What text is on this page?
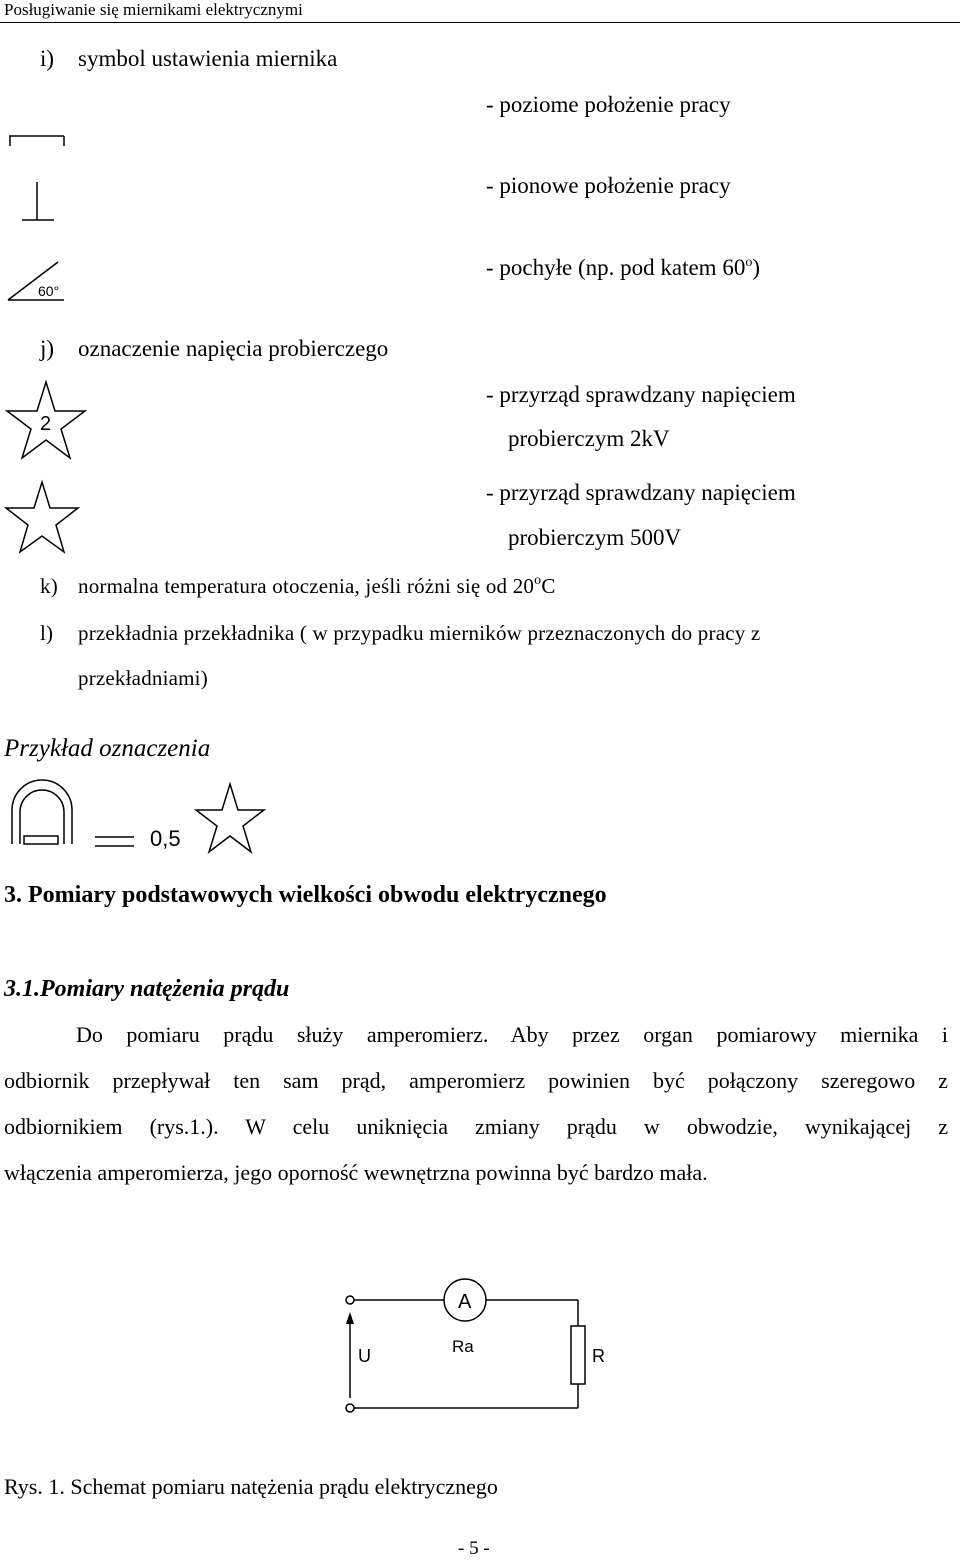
Posługiwanie się miernikami elektrycznymi
i) symbol ustawienia miernika
- poziome położenie pracy
- pionowe położenie pracy
60°
- pochyłe (np. pod katem 60$^o$)
j) oznaczenie napięcia probierczego
2
- przyrząd sprawdzany napięciem
probierczym 2kV
- przyrząd sprawdzany napięciem
probierczym 500V
k) normalna temperatura otoczenia, jeśli różni się od 20$^o$C
l) przekładnia przekładnika ( w przypadku mierników przeznaczonych do pracy z
przekładniami)
Przykład oznaczenia
0,5
3. Pomiary podstawowych wielkości obwodu elektrycznego
3.1.Pomiary natężenia prądu
Do pomiaru prądu służy amperomierz. Aby przez organ pomiarowy miernika i
odbiornik przepływał ten sam prąd, amperomierz powinien być połączony szeregowo z
odbiornikiem (rys.1.). W celu uniknięcia zmiany prądu w obwodzie, wynikającej z
włączenia amperomierza, jego oporność wewnętrzna powinna być bardzo mała.
A
Ra
U	R
Rys. 1. Schemat pomiaru natężenia prądu elektrycznego
- 5 -
